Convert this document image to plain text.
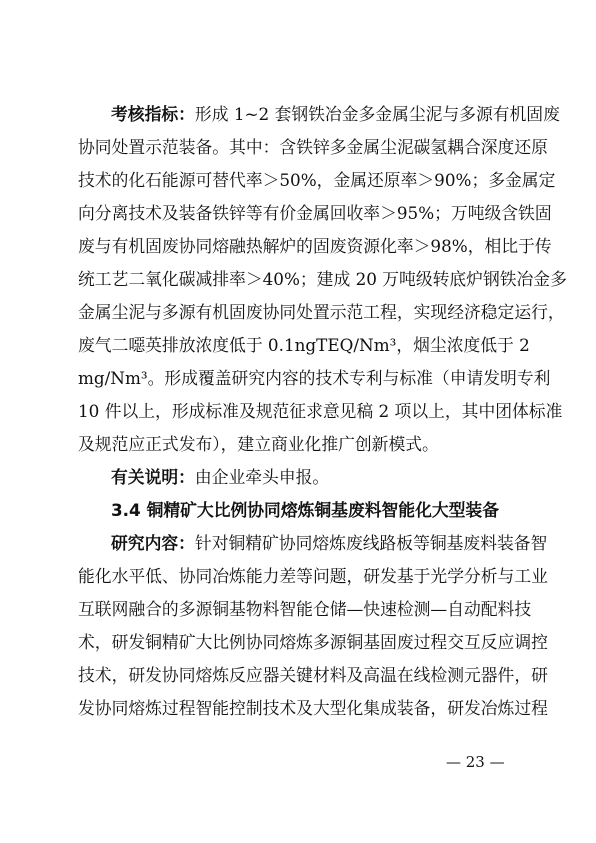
考核指标：形成 1~2 套钢铁冶金多金属尘泥与多源有机固废
协同处置示范装备。其中：含铁锌多金属尘泥碳氢耦合深度还原
技术的化石能源可替代率＞50%，金属还原率＞90%；多金属定
向分离技术及装备铁锌等有价金属回收率＞95%；万吨级含铁固
废与有机固废协同熔融热解炉的固废资源化率＞98%，相比于传
统工艺二氧化碳减排率＞40%；建成 20 万吨级转底炉钢铁冶金多
金属尘泥与多源有机固废协同处置示范工程，实现经济稳定运行，
废气二噁英排放浓度低于 0.1ngTEQ/Nm³，烟尘浓度低于 2
mg/Nm³。形成覆盖研究内容的技术专利与标准（申请发明专利
10 件以上，形成标准及规范征求意见稿 2 项以上，其中团体标准
及规范应正式发布），建立商业化推广创新模式。
有关说明：由企业牵头申报。
3.4 铜精矿大比例协同熔炼铜基废料智能化大型装备
研究内容：针对铜精矿协同熔炼废线路板等铜基废料装备智
能化水平低、协同冶炼能力差等问题，研发基于光学分析与工业
互联网融合的多源铜基物料智能仓储—快速检测—自动配料技
术，研发铜精矿大比例协同熔炼多源铜基固废过程交互反应调控
技术，研发协同熔炼反应器关键材料及高温在线检测元器件，研
发协同熔炼过程智能控制技术及大型化集成装备，研发冶炼过程
— 23 —
